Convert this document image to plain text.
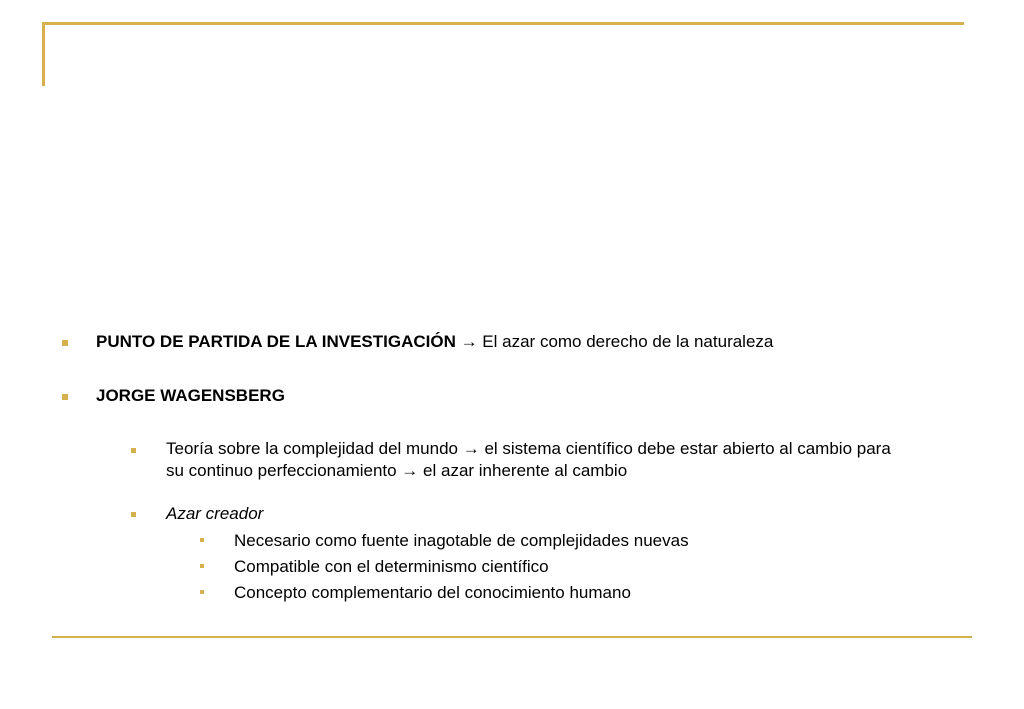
PUNTO DE PARTIDA DE LA INVESTIGACIÓN → El azar como derecho de la naturaleza
JORGE WAGENSBERG
Teoría sobre la complejidad del mundo → el sistema científico debe estar abierto al cambio para
su continuo perfeccionamiento → el azar inherente al cambio
Azar creador
Necesario como fuente inagotable de complejidades nuevas
Compatible con el determinismo científico
Concepto complementario del conocimiento humano
